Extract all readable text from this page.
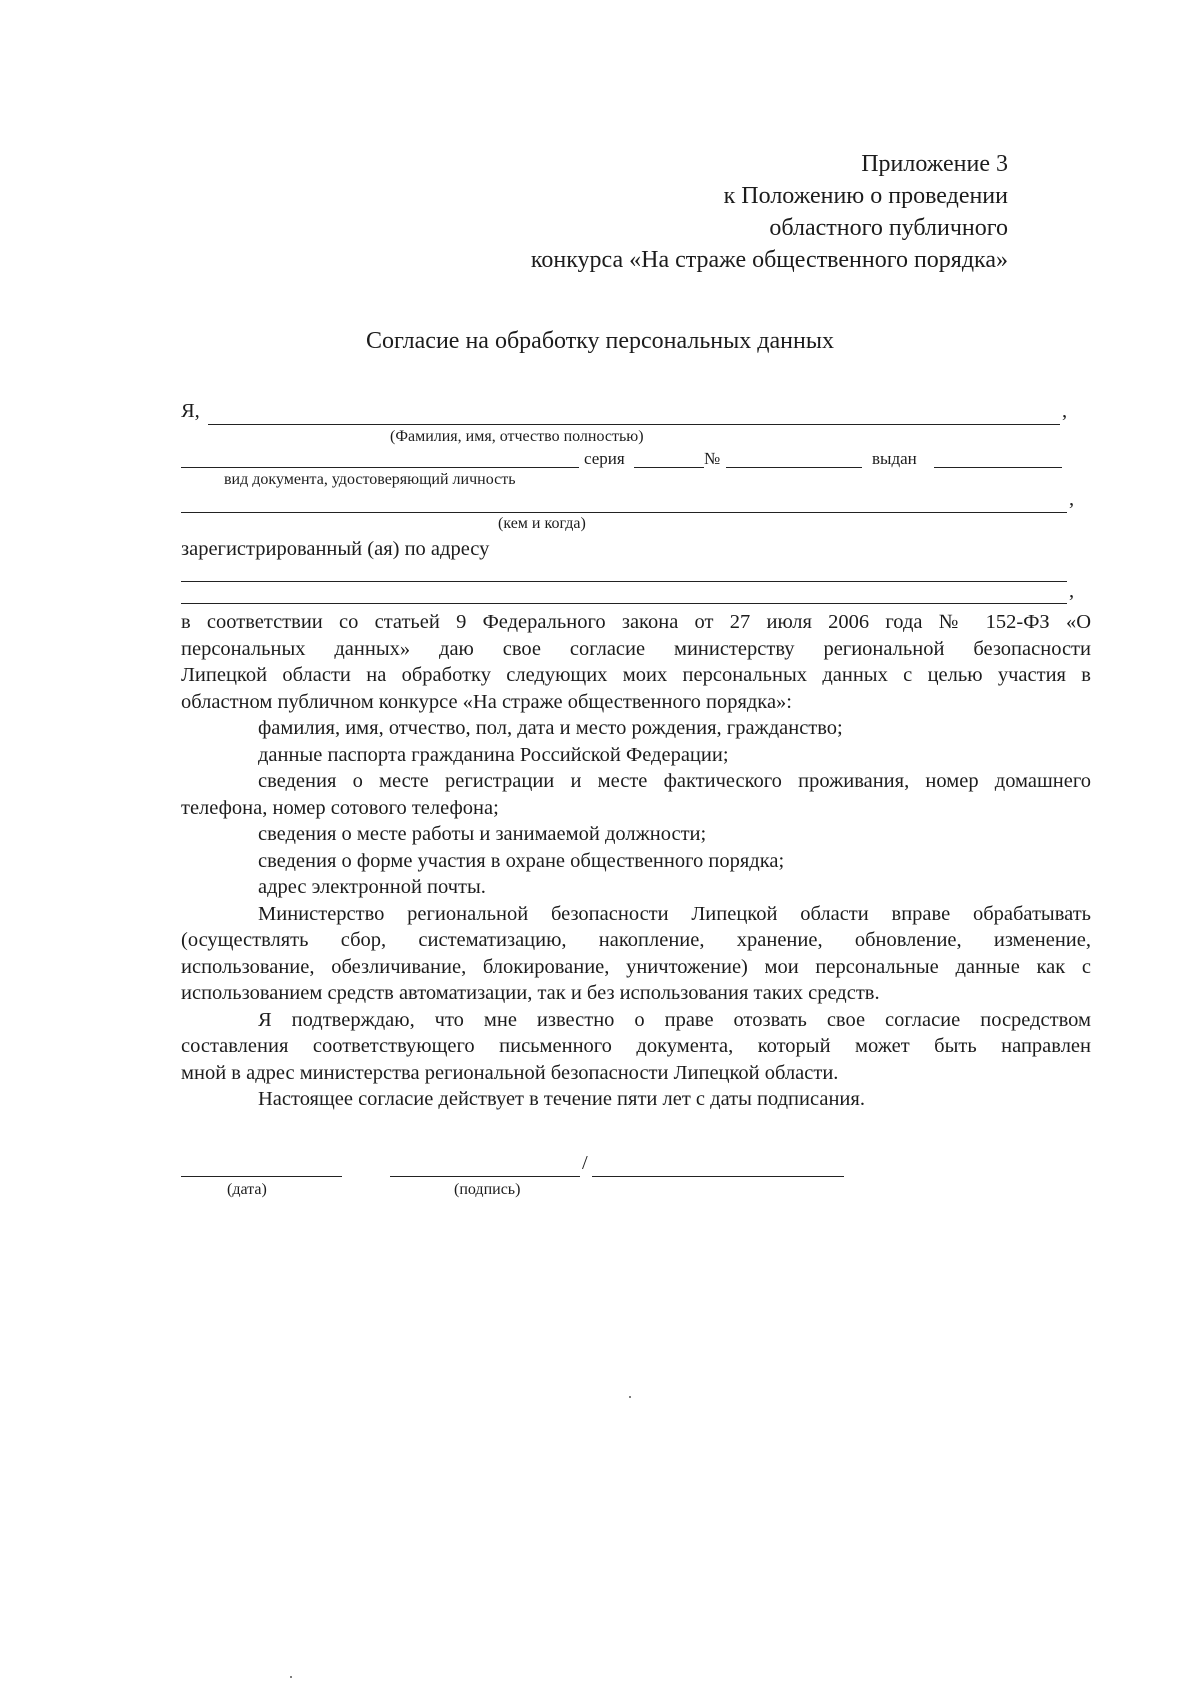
Приложение 3
к Положению о проведении
областного публичного
конкурса «На страже общественного порядка»
Согласие на обработку персональных данных
Я,	,
(Фамилия, имя, отчество полностью)
серия	№	выдан
вид документа, удостоверяющий личность
,
(кем и когда)
зарегистрированный (ая) по адресу
,
в соответствии со статьей 9 Федерального закона от 27 июля 2006 года № 152-ФЗ «О
персональных данных» даю свое согласие министерству региональной безопасности
Липецкой области на обработку следующих моих персональных данных с целью участия в
областном публичном конкурсе «На страже общественного порядка»:
фамилия, имя, отчество, пол, дата и место рождения, гражданство;
данные паспорта гражданина Российской Федерации;
сведения о месте регистрации и месте фактического проживания, номер домашнего
телефона, номер сотового телефона;
сведения о месте работы и занимаемой должности;
сведения о форме участия в охране общественного порядка;
адрес электронной почты.
Министерство региональной безопасности Липецкой области вправе обрабатывать
(осуществлять сбор, систематизацию, накопление, хранение, обновление, изменение,
использование, обезличивание, блокирование, уничтожение) мои персональные данные как с
использованием средств автоматизации, так и без использования таких средств.
Я подтверждаю, что мне известно о праве отозвать свое согласие посредством
составления соответствующего письменного документа, который может быть направлен
мной в адрес министерства региональной безопасности Липецкой области.
Настоящее согласие действует в течение пяти лет с даты подписания.
/
(дата)	(подпись)
